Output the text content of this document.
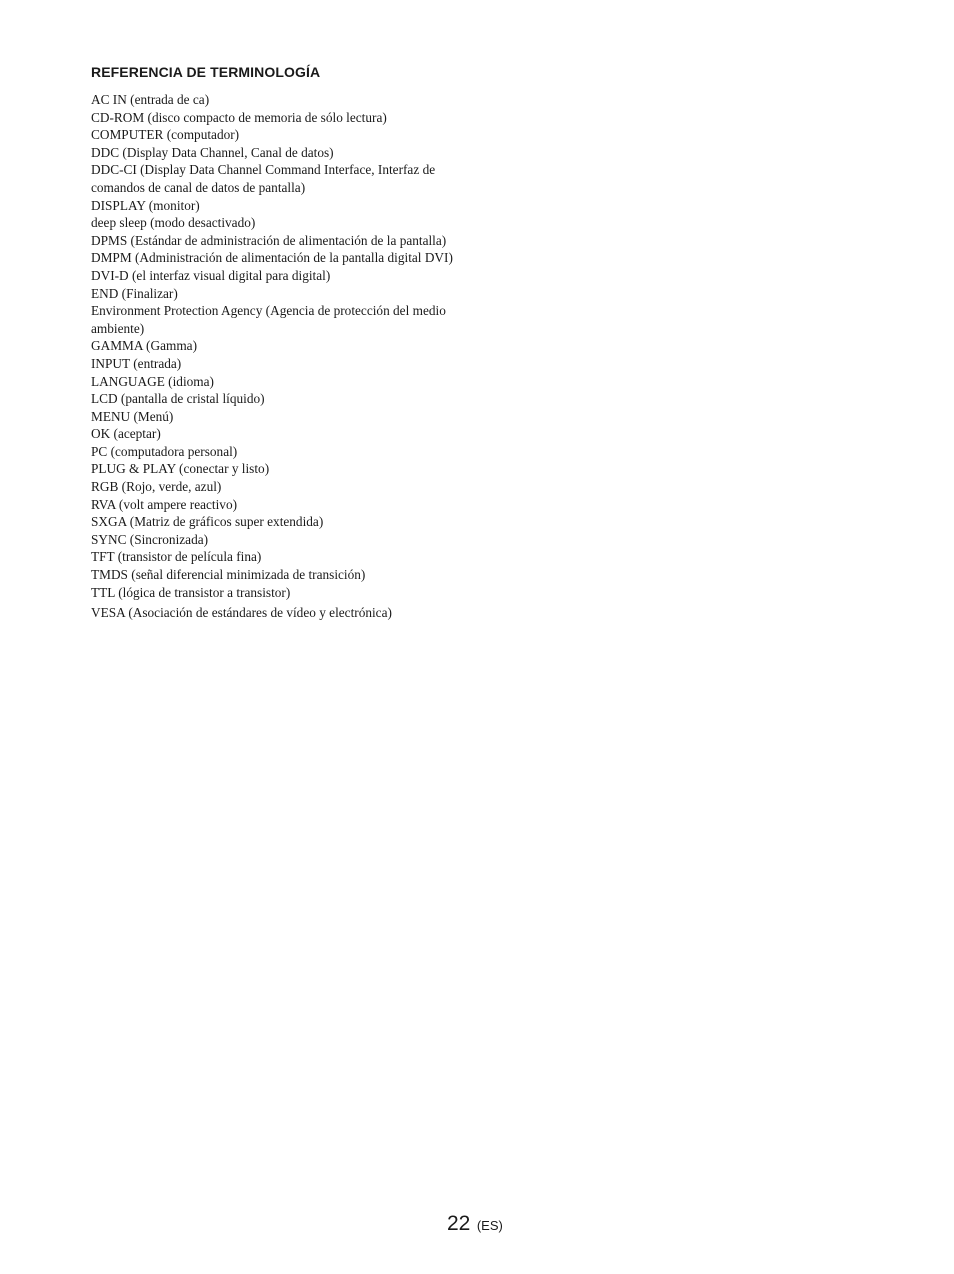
REFERENCIA DE TERMINOLOGÍA
AC IN (entrada de ca)
CD-ROM (disco compacto de memoria de sólo lectura)
COMPUTER (computador)
DDC (Display Data Channel, Canal de datos)
DDC-CI (Display Data Channel Command Interface, Interfaz de comandos de canal de datos de pantalla)
DISPLAY (monitor)
deep sleep (modo desactivado)
DPMS (Estándar de administración de alimentación de la pantalla)
DMPM (Administración de alimentación de la pantalla digital DVI)
DVI-D (el interfaz visual digital para digital)
END (Finalizar)
Environment Protection Agency (Agencia de protección del medio ambiente)
GAMMA (Gamma)
INPUT (entrada)
LANGUAGE (idioma)
LCD (pantalla de cristal líquido)
MENU (Menú)
OK (aceptar)
PC (computadora personal)
PLUG & PLAY (conectar y listo)
RGB (Rojo, verde, azul)
RVA (volt ampere reactivo)
SXGA (Matriz de gráficos super extendida)
SYNC (Sincronizada)
TFT (transistor de película fina)
TMDS (señal diferencial minimizada de transición)
TTL (lógica de transistor a transistor)
VESA (Asociación de estándares de vídeo y electrónica)
22 (ES)
